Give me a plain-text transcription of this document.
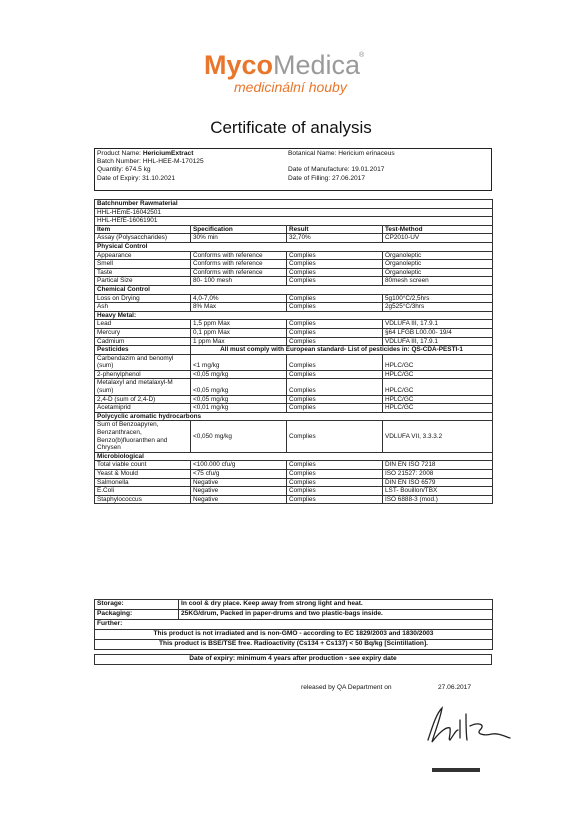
MycoMedica
®
medicinální houby
Certificate of analysis
Product Name: HericiumExtract
Batch Number: HHL-HEE-M-170125
Quantity: 674.5 kg
Date of Expiry: 31.10.2021
Botanical Name: Hericium erinaceus
Date of Manufacture: 19.01.2017
Date of Filling: 27.06.2017
Batchnumber Rawmaterial			
HHL-HEmE-16042501			
HHL-HEfE-16061901			
Item	Specification	Result	Test-Method
Assay (Polysaccharides)	30% min	32,70%	CP2010-UV
Physical Control			
Appearance	Conforms with reference	Complies	Organoleptic
Smell	Conforms with reference	Complies	Organoleptic
Taste	Conforms with reference	Complies	Organoleptic
Partical Size	80- 100 mesh	Complies	80mesh screen
Chemical Control			
Loss on Drying	4,0-7,0%	Complies	5g100°C/2,5hrs
Ash	8% Max	Complies	2g525°C/3hrs
Heavy Metal:			
Lead	1,5 ppm Max	Complies	VDLUFA III, 17.9.1
Mercury	0,1 ppm Max	Complies	§64 LFGB L00.00- 19/4
Cadmium	1 ppm Max	Complies	VDLUFA III, 17.9.1
Pesticides	All must comply with European standard- List of pesticides in: QS-CDA-PESTI-1		

Carbendazim and benomyl
(sum)	<1 mg/kg	Complies	HPLC/GC
2-phenylphenol	<0,05 mg/kg	Complies	HPLC/GC

Metalaxyl and metalaxyl-M
(sum)	<0,05 mg/kg	Complies	HPLC/GC
2,4-D (sum of 2,4-D)	<0,05 mg/kg	Complies	HPLC/GC
Acetamiprid	<0,01 mg/kg	Complies	HPLC/GC
Polycyclic aromatic hydrocarbons			

Sum of Benzoapyren,
Benzanthracen,
Benzo(b)fluoranthen and
Chrysen	<0,050 mg/kg	Complies	VDLUFA VII, 3.3.3.2
Microbiological			
Total viable count	<100.000 cfu/g	Complies	DIN EN ISO 7218
Yeast & Mould	<75 cfu/g	Complies	ISO 21527: 2008
Salmonella	Negative	Complies	DIN EN ISO 6579
E.Coli	Negative	Complies	LST- Bouillon/TBX
Staphylococcus	Negative	Complies	ISO 6888-3 (mod.)
Storage:	In cool & dry place. Keep away from strong light and heat.
Packaging:	25KG/drum, Packed in paper-drums and two plastic-bags inside.
Further:	
This product is not irradiated and is non-GMO - according to EC 1829/2003 and 1830/2003	
This product is BSE/TSE free. Radioactivity (Cs134 + Cs137) < 50 Bq/kg [Scintillation].	
Date of expiry: minimum 4 years after production - see expiry date
released by QA Department on	27.06.2017
